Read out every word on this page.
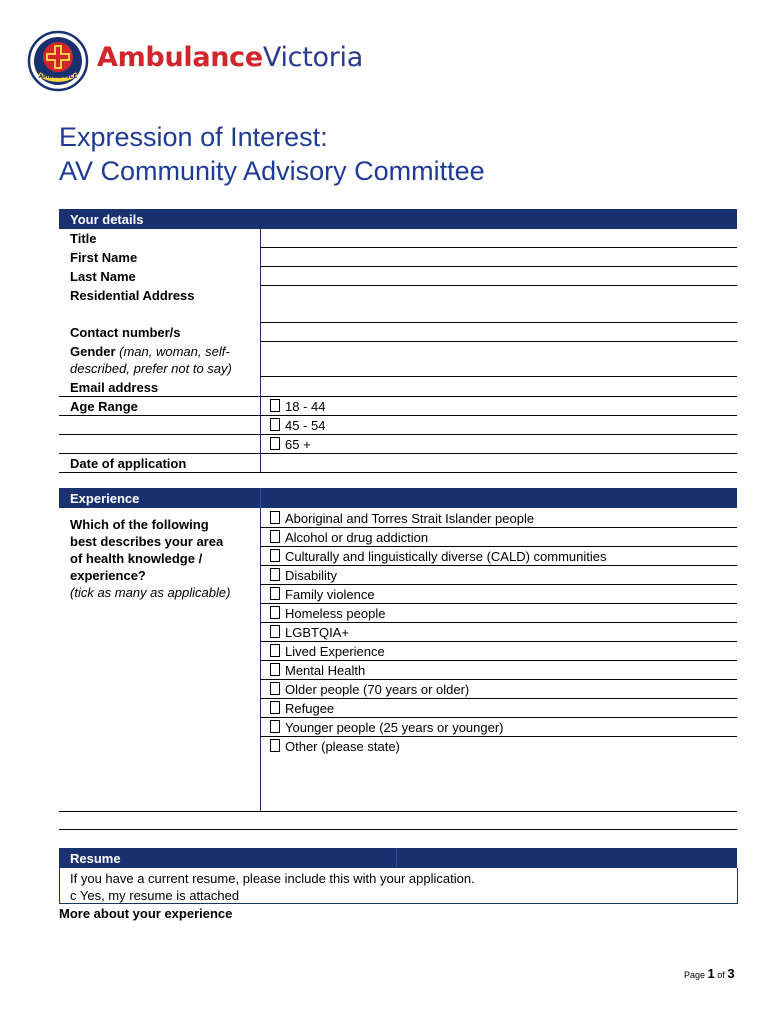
AMBULANCE
AmbulanceVictoria
Expression of Interest:
AV Community Advisory Committee
Your details
Title
First Name
Last Name
Residential Address
Contact number/s
Gender (man, woman, self-
described, prefer not to say)
Email address
Age Range
Date of application
18 - 44
45 - 54
65 +
Experience
Which of the following
best describes your area
of health knowledge /
experience?
(tick as many as applicable)
Aboriginal and Torres Strait Islander people
Alcohol or drug addiction
Culturally and linguistically diverse (CALD) communities
Disability
Family violence
Homeless people
LGBTQIA+
Lived Experience
Mental Health
Older people (70 years or older)
Refugee
Younger people (25 years or younger)
Other (please state)
Resume
If you have a current resume, please include this with your application.
c Yes, my resume is attached
More about your experience
Page 1 of 3
